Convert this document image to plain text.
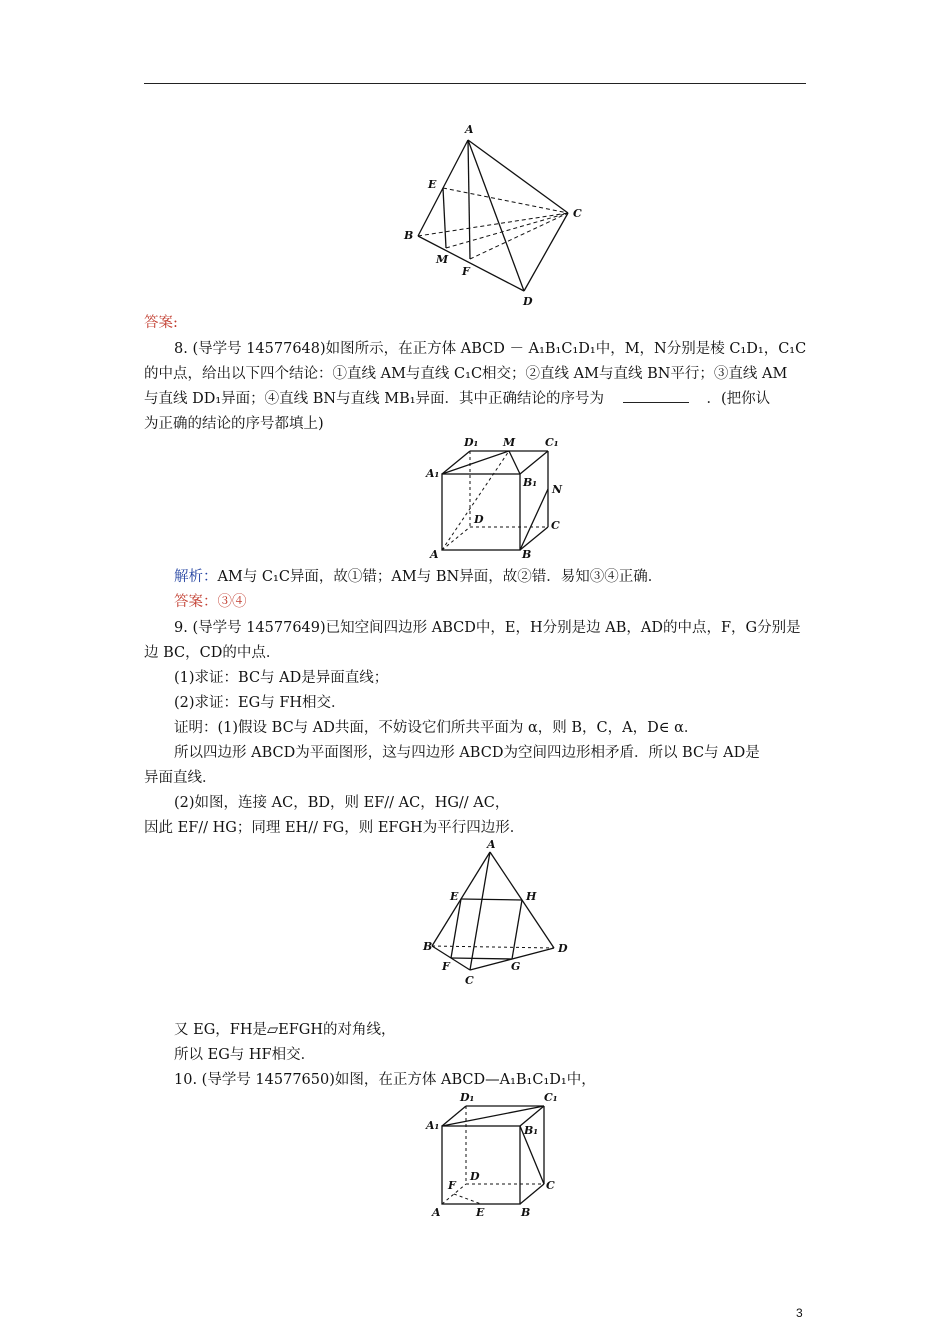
A
E
C
B
M
F
D
答案:
8. (导学号 14577648)如图所示，在正方体 ABCD － A₁B₁C₁D₁中，M，N分别是棱 C₁D₁，C₁C
的中点，给出以下四个结论：①直线 AM与直线 C₁C相交；②直线 AM与直线 BN平行；③直线 AM
与直线 DD₁异面；④直线 BN与直线 MB₁异面．其中正确结论的序号为	．(把你认
为正确的结论的序号都填上)
D₁ M	C₁
A₁
B₁
N
D	C
A	B
解析：AM与 C₁C异面，故①错；AM与 BN异面，故②错．易知③④正确．
答案：③④
9. (导学号 14577649)已知空间四边形 ABCD中，E，H分别是边 AB，AD的中点，F，G分别是
边 BC，CD的中点．
(1)求证：BC与 AD是异面直线；
(2)求证：EG与 FH相交．
证明：(1)假设 BC与 AD共面，不妨设它们所共平面为 α，则 B，C，A，D∈ α．
所以四边形 ABCD为平面图形，这与四边形 ABCD为空间四边形相矛盾．所以 BC与 AD是
异面直线．
(2)如图，连接 AC，BD，则 EF// AC，HG// AC，
因此 EF// HG；同理 EH// FG，则 EFGH为平行四边形．
A
E	H
B	D
F	G
C
又 EG，FH是▱EFGH的对角线，
所以 EG与 HF相交．
10. (导学号 14577650)如图，在正方体 ABCD—A₁B₁C₁D₁中，
D₁	C₁
A₁	B₁
D
F	C
A	E	B
3
